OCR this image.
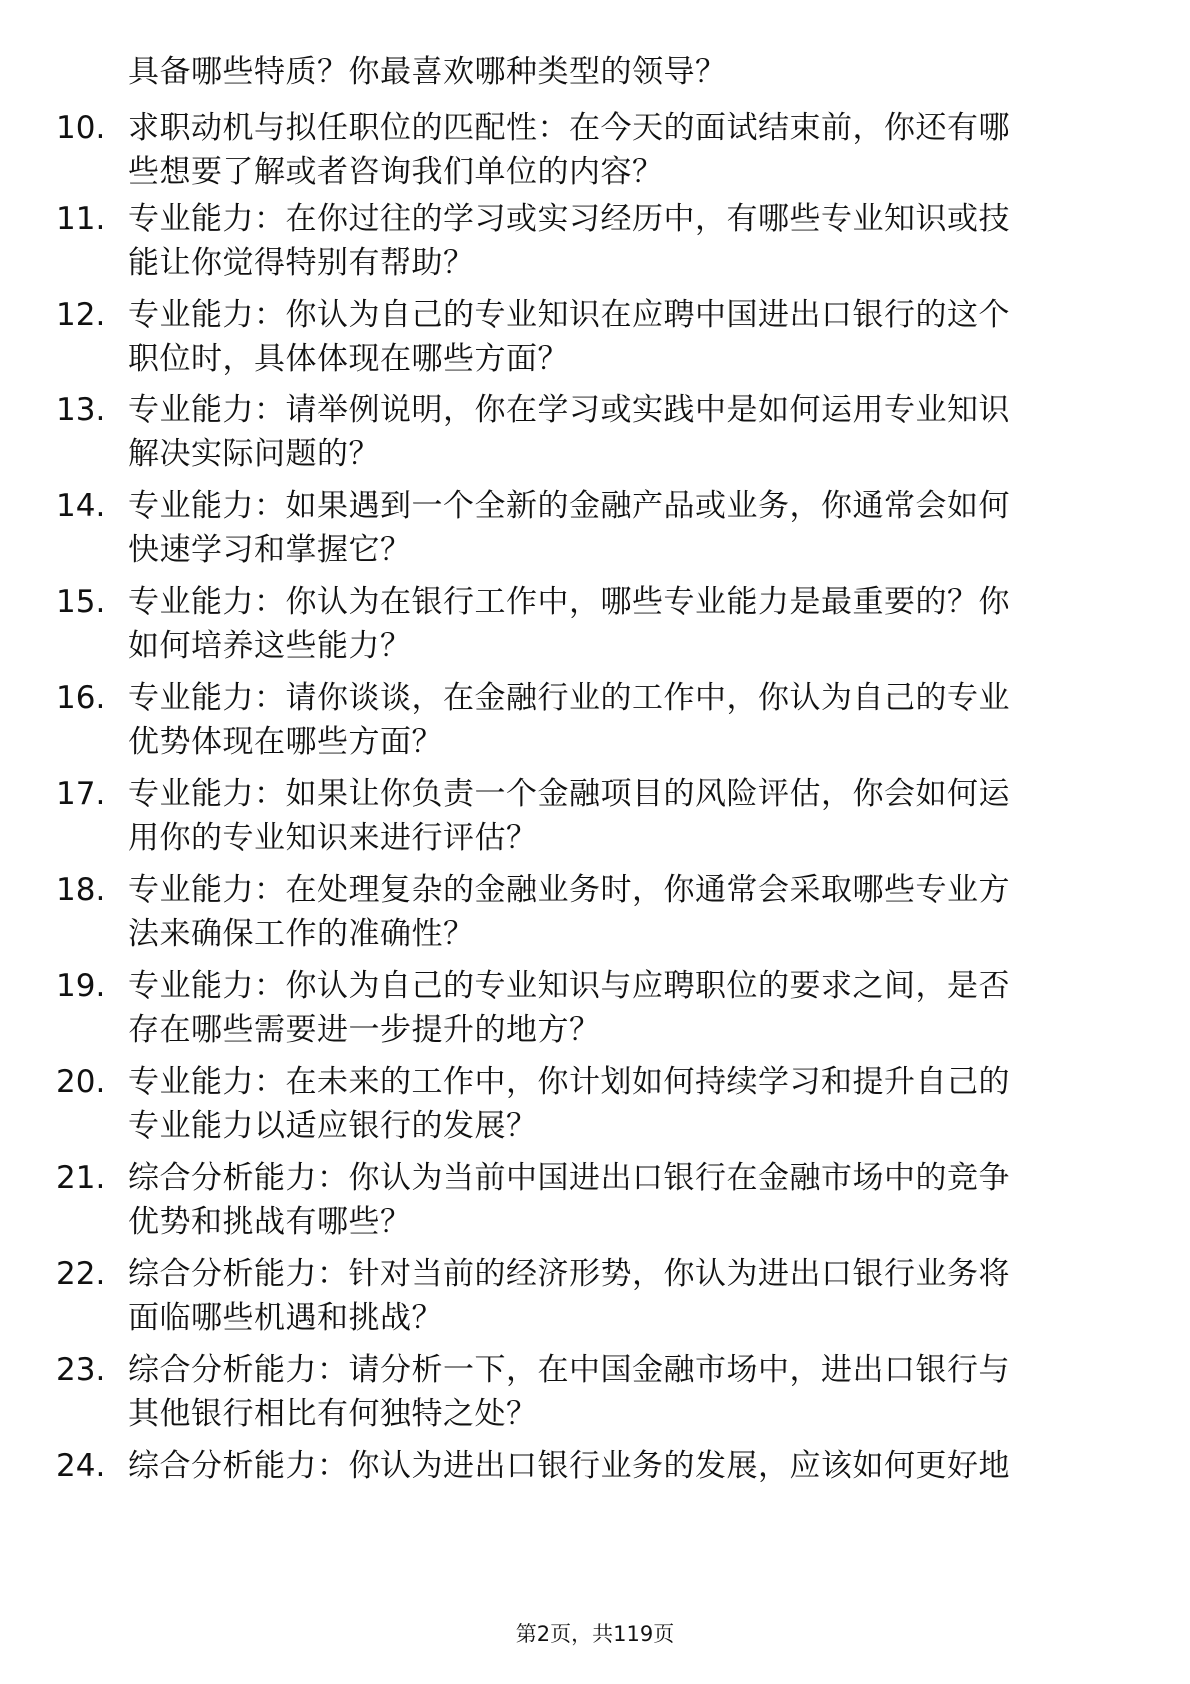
具备哪些特质？你最喜欢哪种类型的领导？

10. 求职动机与拟任职位的匹配性：在今天的面试结束前，你还有哪
些想要了解或者咨询我们单位的内容？
11. 专业能力：在你过往的学习或实习经历中，有哪些专业知识或技
能让你觉得特别有帮助？
12. 专业能力：你认为自己的专业知识在应聘中国进出口银行的这个
职位时，具体体现在哪些方面？
13. 专业能力：请举例说明，你在学习或实践中是如何运用专业知识
解决实际问题的？
14. 专业能力：如果遇到一个全新的金融产品或业务，你通常会如何
快速学习和掌握它？
15. 专业能力：你认为在银行工作中，哪些专业能力是最重要的？你
如何培养这些能力？
16. 专业能力：请你谈谈，在金融行业的工作中，你认为自己的专业
优势体现在哪些方面？
17. 专业能力：如果让你负责一个金融项目的风险评估，你会如何运
用你的专业知识来进行评估？
18. 专业能力：在处理复杂的金融业务时，你通常会采取哪些专业方
法来确保工作的准确性？
19. 专业能力：你认为自己的专业知识与应聘职位的要求之间，是否
存在哪些需要进一步提升的地方？
20. 专业能力：在未来的工作中，你计划如何持续学习和提升自己的
专业能力以适应银行的发展？
21. 综合分析能力：你认为当前中国进出口银行在金融市场中的竞争
优势和挑战有哪些？
22. 综合分析能力：针对当前的经济形势，你认为进出口银行业务将
面临哪些机遇和挑战？
23. 综合分析能力：请分析一下，在中国金融市场中，进出口银行与
其他银行相比有何独特之处？
24. 综合分析能力：你认为进出口银行业务的发展，应该如何更好地
第2页，共119页
